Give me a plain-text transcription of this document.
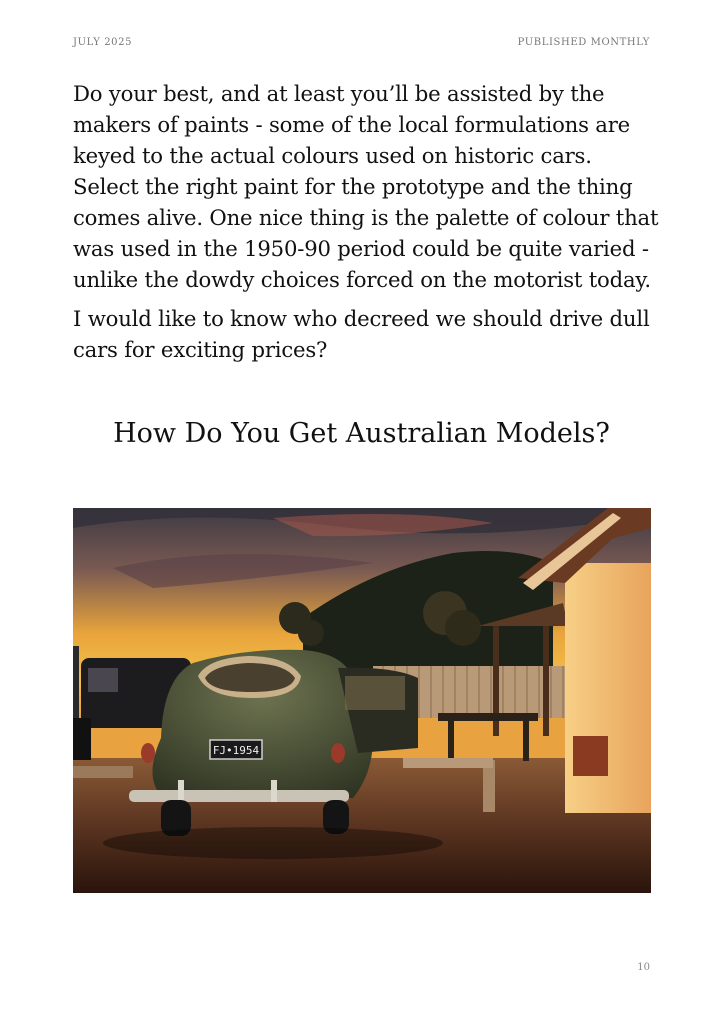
JULY 2025	PUBLISHED MONTHLY

Do your best, and at least you’ll be assisted by the makers of paints - some of the local formulations are keyed to the actual colours used on historic cars. Select the right paint for the prototype and the thing comes alive. One nice thing is the palette of colour that was used in the 1950-90 period could be quite varied - unlike the dowdy choices forced on the motorist today.

I would like to know who decreed we should drive dull cars for exciting prices?

How Do You Get Australian Models?
FJ•1954
10
